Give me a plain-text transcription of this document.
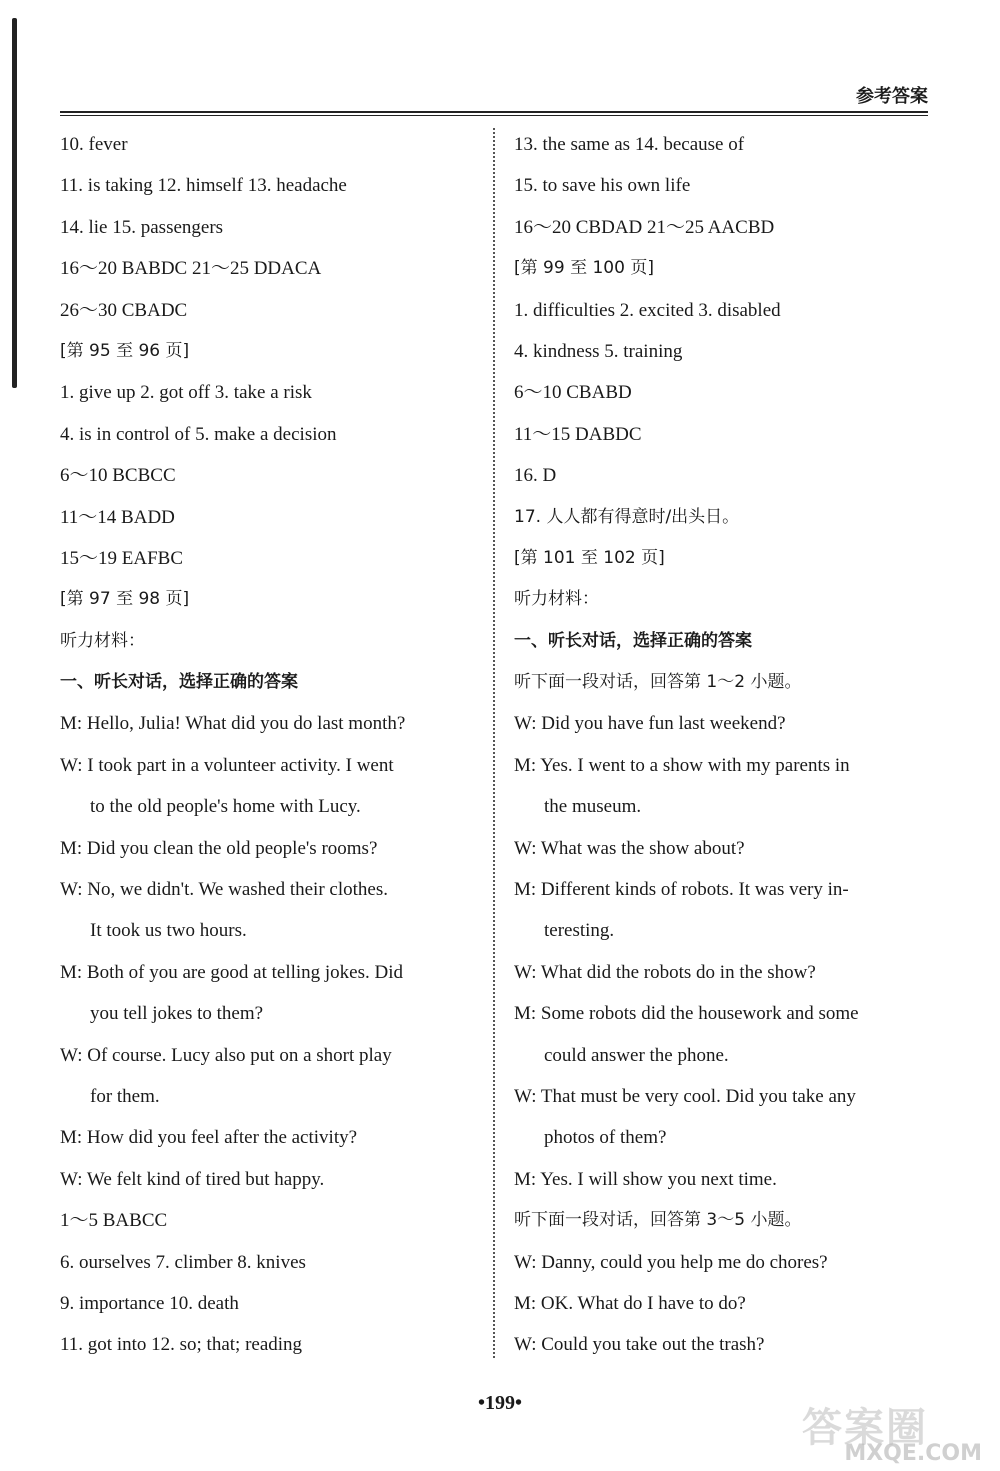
参考答案
10. fever
11. is taking 12. himself 13. headache
14. lie 15. passengers
16～20 BABDC 21～25 DDACA
26～30 CBADC
[第 95 至 96 页]
1. give up 2. got off 3. take a risk
4. is in control of 5. make a decision
6～10 BCBCC
11～14 BADD
15～19 EAFBC
[第 97 至 98 页]
听力材料：
一、听长对话，选择正确的答案
M: Hello, Julia! What did you do last month?
W: I took part in a volunteer activity. I went
to the old people's home with Lucy.
M: Did you clean the old people's rooms?
W: No, we didn't. We washed their clothes.
It took us two hours.
M: Both of you are good at telling jokes. Did
you tell jokes to them?
W: Of course. Lucy also put on a short play
for them.
M: How did you feel after the activity?
W: We felt kind of tired but happy.
1～5 BABCC
6. ourselves 7. climber 8. knives
9. importance 10. death
11. got into 12. so; that; reading
13. the same as 14. because of
15. to save his own life
16～20 CBDAD 21～25 AACBD
[第 99 至 100 页]
1. difficulties 2. excited 3. disabled
4. kindness 5. training
6～10 CBABD
11～15 DABDC
16. D
17. 人人都有得意时/出头日。
[第 101 至 102 页]
听力材料：
一、听长对话，选择正确的答案
听下面一段对话，回答第 1～2 小题。
W: Did you have fun last weekend?
M: Yes. I went to a show with my parents in
the museum.
W: What was the show about?
M: Different kinds of robots. It was very in-
teresting.
W: What did the robots do in the show?
M: Some robots did the housework and some
could answer the phone.
W: That must be very cool. Did you take any
photos of them?
M: Yes. I will show you next time.
听下面一段对话，回答第 3～5 小题。
W: Danny, could you help me do chores?
M: OK. What do I have to do?
W: Could you take out the trash?
•199•
答案圈
MXQE.COM
